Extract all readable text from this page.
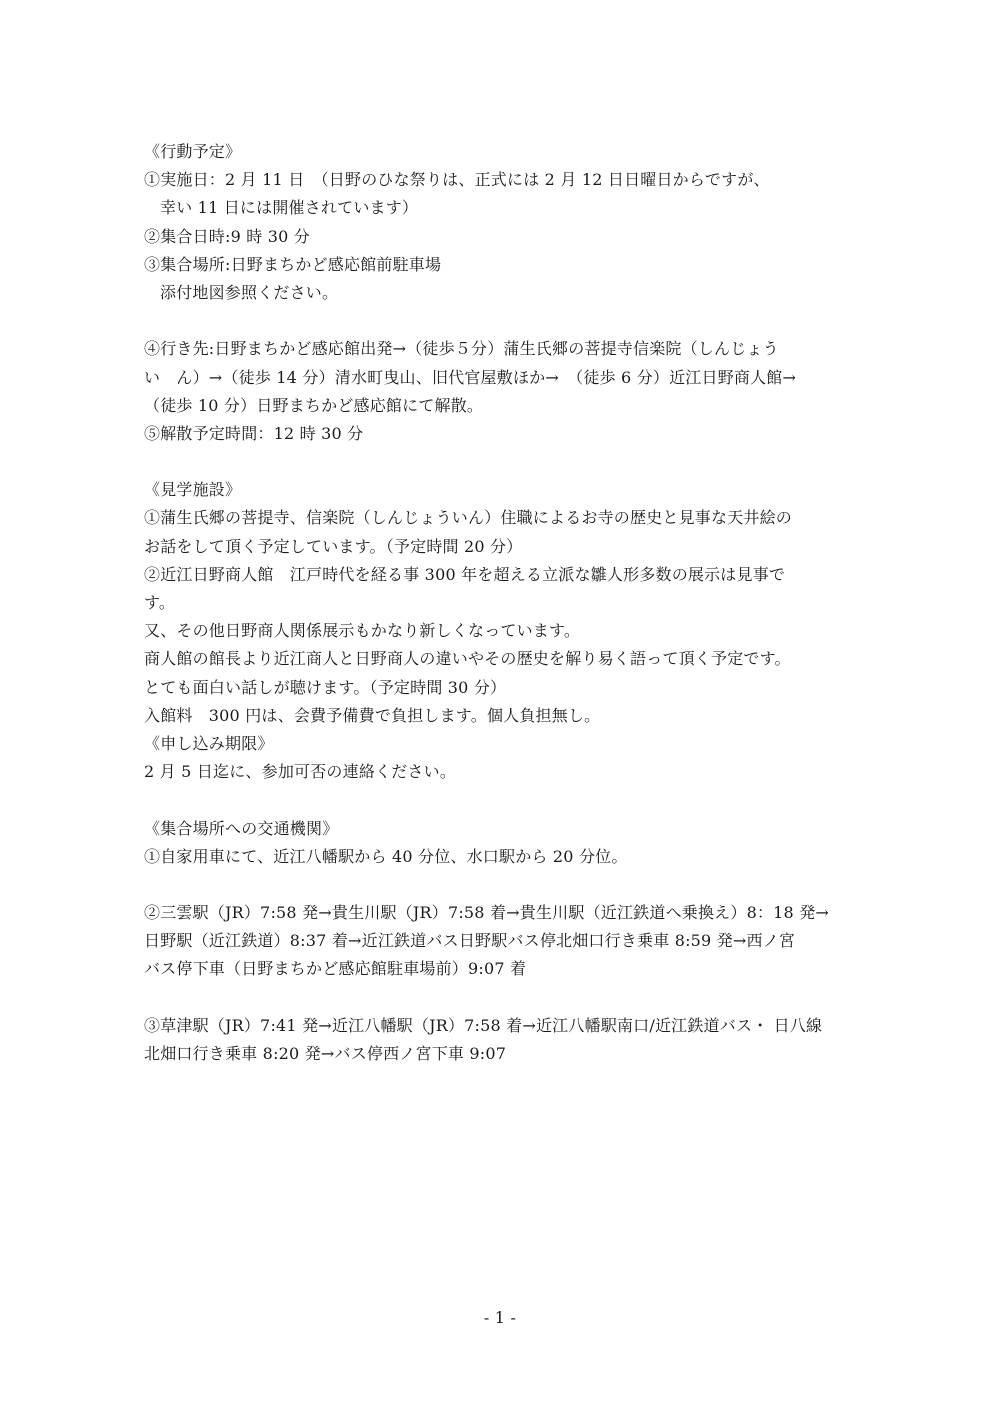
《行動予定》
①実施日：2 月 11 日　（日野のひな祭りは、正式には 2 月 12 日日曜日からですが、
幸い 11 日には開催されています）
②集合日時:9 時 30 分
③集合場所:日野まちかど感応館前駐車場
添付地図参照ください。
④行き先:日野まちかど感応館出発→（徒歩５分）蒲生氏郷の菩提寺信楽院（しんじょう
い　ん）→（徒歩 14 分）清水町曳山、旧代官屋敷ほか→　（徒歩 6 分）近江日野商人館→
（徒歩 10 分）日野まちかど感応館にて解散。
⑤解散予定時間：12 時 30 分
《見学施設》
①蒲生氏郷の菩提寺、信楽院（しんじょういん）住職によるお寺の歴史と見事な天井絵の
お話をして頂く予定しています。（予定時間 20 分）
②近江日野商人館　江戸時代を経る事 300 年を超える立派な雛人形多数の展示は見事で
す。
又、その他日野商人関係展示もかなり新しくなっています。
商人館の館長より近江商人と日野商人の違いやその歴史を解り易く語って頂く予定です。
とても面白い話しが聴けます。（予定時間 30 分）
入館料　300 円は、会費予備費で負担します。個人負担無し。
《申し込み期限》
2 月 5 日迄に、参加可否の連絡ください。
《集合場所への交通機関》
①自家用車にて、近江八幡駅から 40 分位、水口駅から 20 分位。
②三雲駅（JR）7:58 発→貴生川駅（JR）7:58 着→貴生川駅（近江鉄道へ乗換え）8：18 発→
日野駅（近江鉄道）8:37 着→近江鉄道バス日野駅バス停北畑口行き乗車 8:59 発→西ノ宮
バス停下車（日野まちかど感応館駐車場前）9:07 着
③草津駅（JR）7:41 発→近江八幡駅（JR）7:58 着→近江八幡駅南口/近江鉄道バス・ 日八線
北畑口行き乗車 8:20 発→バス停西ノ宮下車 9:07
- 1 -
